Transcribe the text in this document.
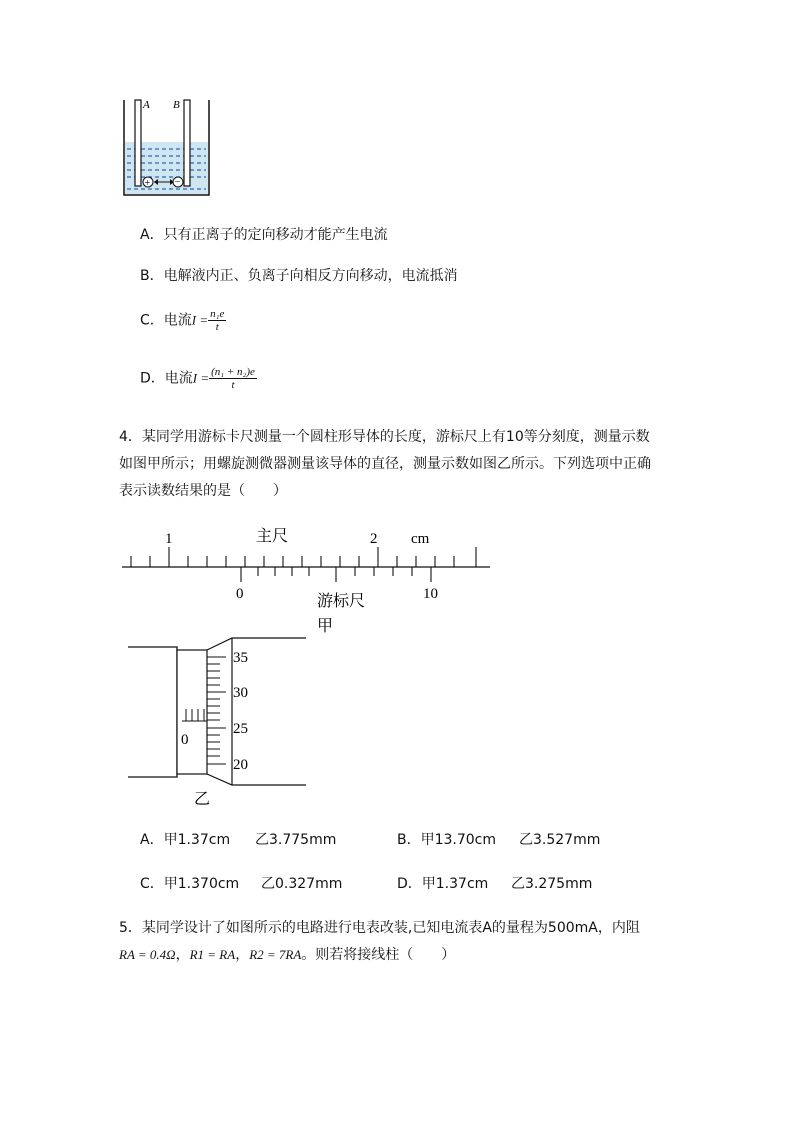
A B
+ −
A．只有正离子的定向移动才能产生电流
B．电解液内正、负离子向相反方向移动，电流抵消
C．电流$I = \frac{\text{n₁e}}{t}$
D．电流$I = \frac{\text{(n₁ + n₂)e}}{t}$
4．某同学用游标卡尺测量一个圆柱形导体的长度，游标尺上有10等分刻度，测量示数
如图甲所示；用螺旋测微器测量该导体的直径，测量示数如图乙所示。下列选项中正确
表示读数结果的是（　　）
1	主尺	2 cm
0	10
游标尺
甲
0
35
30
25
20
乙
A．甲1.37cm 乙3.775mm	B．甲13.70cm 乙3.527mm
C．甲1.370cm 乙0.327mm	D．甲1.37cm 乙3.275mm
5．某同学设计了如图所示的电路进行电表改装,已知电流表A的量程为500mA，内阻
RA = 0.4Ω，R1 = RA，R2 = 7RA。则若将接线柱（　　）
